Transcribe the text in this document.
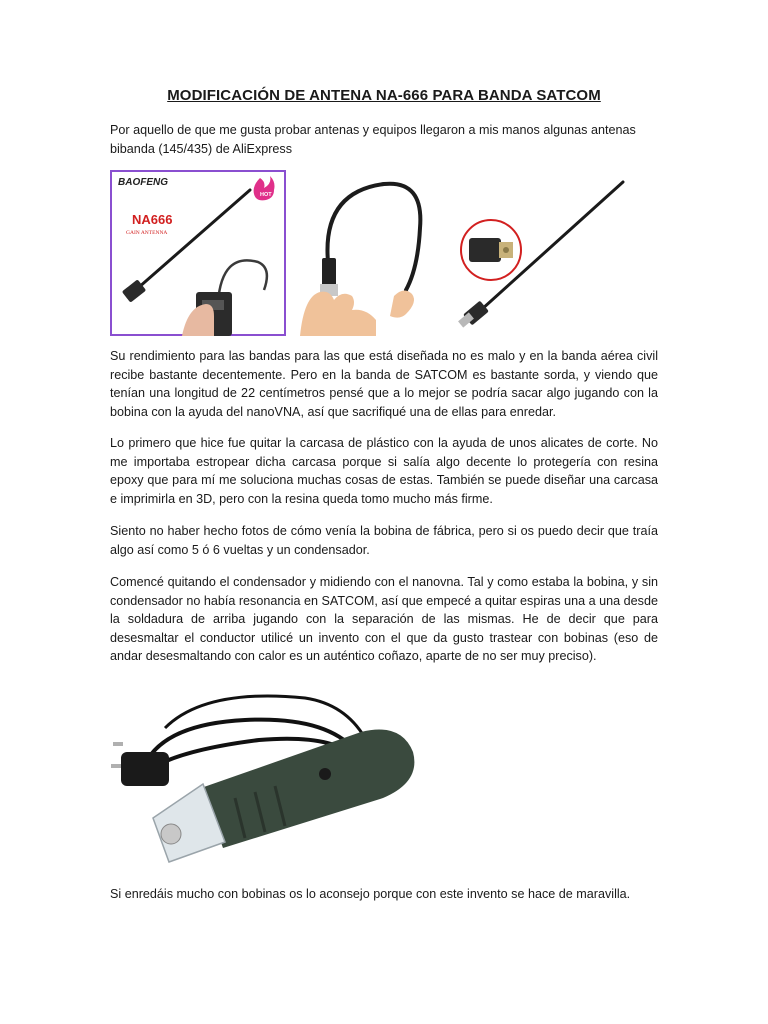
MODIFICACIÓN DE ANTENA NA-666 PARA BANDA SATCOM

Por aquello de que me gusta probar antenas y equipos llegaron a mis manos algunas antenas bibanda (145/435) de AliExpress

BAOFENG
HOT
NA666
GAIN ANTENNA

Su rendimiento para las bandas para las que está diseñada no es malo y en la banda aérea civil recibe bastante decentemente. Pero en la banda de SATCOM es bastante sorda, y viendo que tenían una longitud de 22 centímetros pensé que a lo mejor se podría sacar algo jugando con la bobina con la ayuda del nanoVNA, así que sacrifiqué una de ellas para enredar.

Lo primero que hice fue quitar la carcasa de plástico con la ayuda de unos alicates de corte. No me importaba estropear dicha carcasa porque si salía algo decente lo protegería con resina epoxy que para mí me soluciona muchas cosas de estas. También se puede diseñar una carcasa e imprimirla en 3D, pero con la resina queda tomo mucho más firme.

Siento no haber hecho fotos de cómo venía la bobina de fábrica, pero si os puedo decir que traía algo así como 5 ó 6 vueltas y un condensador.

Comencé quitando el condensador y midiendo con el nanovna. Tal y como estaba la bobina, y sin condensador no había resonancia en SATCOM, así que empecé a quitar espiras una a una desde la soldadura de arriba jugando con la separación de las mismas. He de decir que para desesmaltar el conductor utilicé un invento con el que da gusto trastear con bobinas (eso de andar desesmaltando con calor es un auténtico coñazo, aparte de no ser muy preciso).

Si enredáis mucho con bobinas os lo aconsejo porque con este invento se hace de maravilla.
